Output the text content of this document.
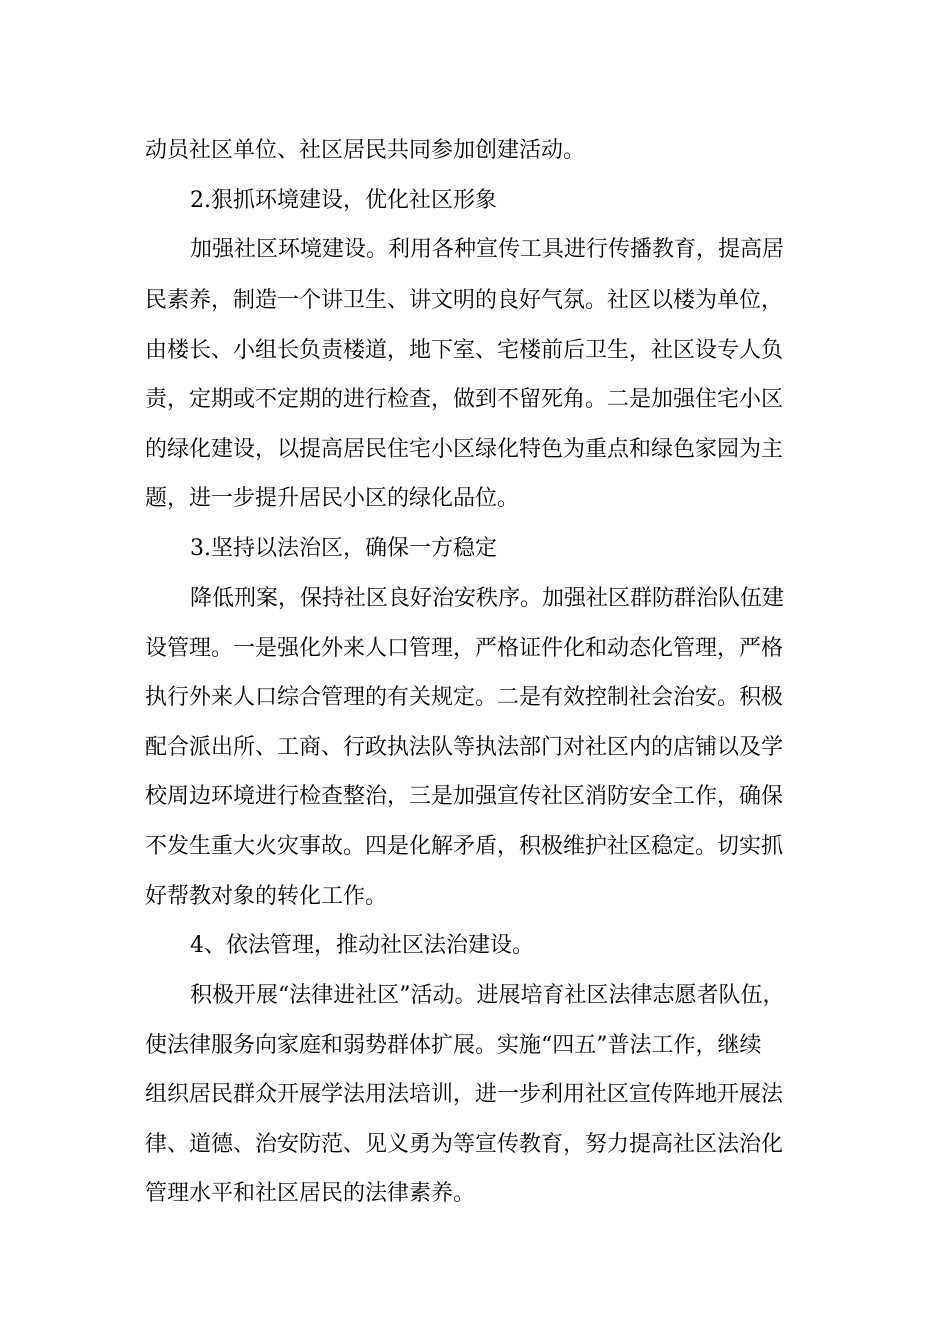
动员社区单位、社区居民共同参加创建活动。
2.狠抓环境建设，优化社区形象
加强社区环境建设。利用各种宣传工具进行传播教育，提高居
民素养，制造一个讲卫生、讲文明的良好气氛。社区以楼为单位，
由楼长、小组长负责楼道，地下室、宅楼前后卫生，社区设专人负
责，定期或不定期的进行检查，做到不留死角。二是加强住宅小区
的绿化建设，以提高居民住宅小区绿化特色为重点和绿色家园为主
题，进一步提升居民小区的绿化品位。
3.坚持以法治区，确保一方稳定
降低刑案，保持社区良好治安秩序。加强社区群防群治队伍建
设管理。一是强化外来人口管理，严格证件化和动态化管理，严格
执行外来人口综合管理的有关规定。二是有效控制社会治安。积极
配合派出所、工商、行政执法队等执法部门对社区内的店铺以及学
校周边环境进行检查整治，三是加强宣传社区消防安全工作，确保
不发生重大火灾事故。四是化解矛盾，积极维护社区稳定。切实抓
好帮教对象的转化工作。
4、依法管理，推动社区法治建设。
积极开展“法律进社区”活动。进展培育社区法律志愿者队伍，
使法律服务向家庭和弱势群体扩展。实施“四五”普法工作，继续
组织居民群众开展学法用法培训，进一步利用社区宣传阵地开展法
律、道德、治安防范、见义勇为等宣传教育，努力提高社区法治化
管理水平和社区居民的法律素养。
